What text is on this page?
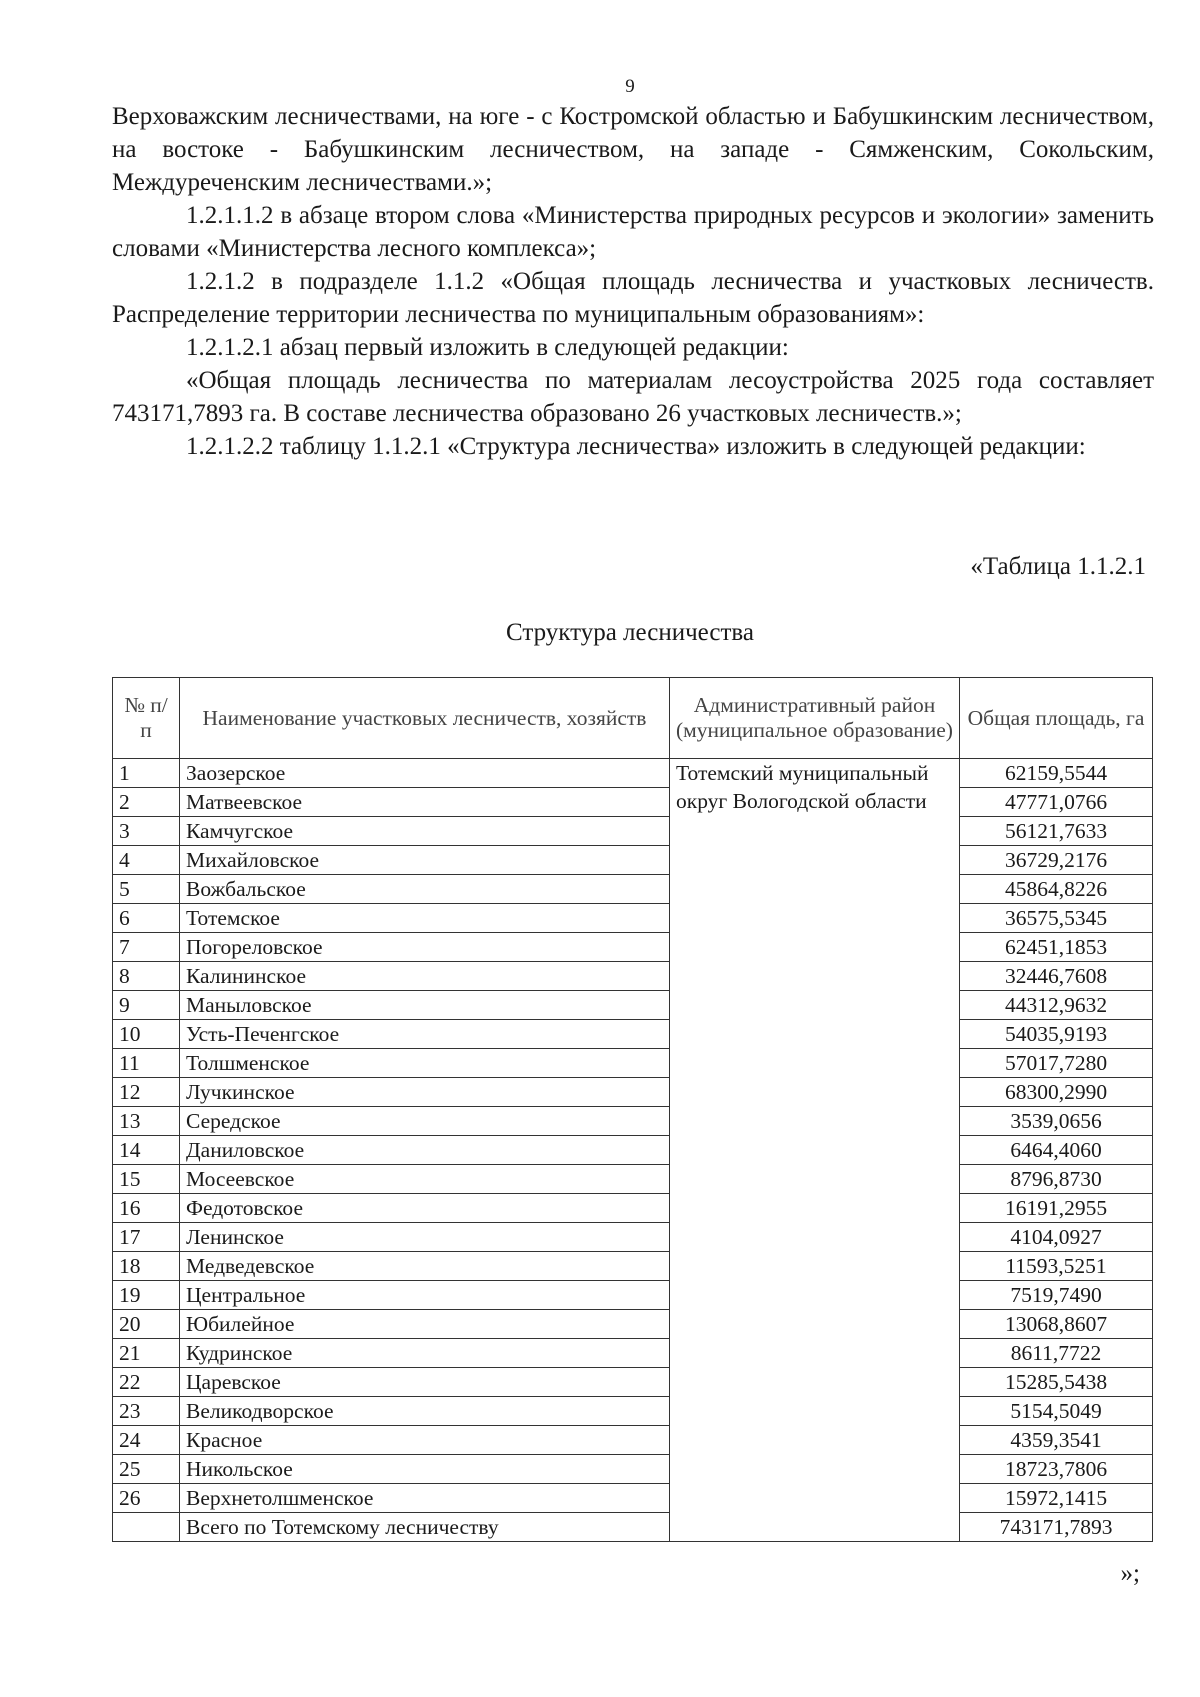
9

Верховажским лесничествами, на юге - с Костромской областью и Бабушкинским лесничеством, на востоке - Бабушкинским лесничеством, на западе - Сямженским, Сокольским, Междуреченским лесничествами.»;

1.2.1.1.2 в абзаце втором слова «Министерства природных ресурсов и экологии» заменить словами «Министерства лесного комплекса»;

1.2.1.2 в подразделе 1.1.2 «Общая площадь лесничества и участковых лесничеств. Распределение территории лесничества по муниципальным образованиям»:

1.2.1.2.1 абзац первый изложить в следующей редакции:

«Общая площадь лесничества по материалам лесоустройства 2025 года составляет 743171,7893 га. В составе лесничества образовано 26 участковых лесничеств.»;

1.2.1.2.2 таблицу 1.1.2.1 «Структура лесничества» изложить в следующей редакции:

«Таблица 1.1.2.1
Структура лесничества
№ п/п	Наименование участковых лесничеств, хозяйств	Административный район (муниципальное образование)	Общая площадь, га
1	Заозерское	Тотемский муниципальный округ Вологодской области	62159,5544
2	Матвеевское		47771,0766
3	Камчугское		56121,7633
4	Михайловское		36729,2176
5	Вожбальское		45864,8226
6	Тотемское		36575,5345
7	Погореловское		62451,1853
8	Калининское		32446,7608
9	Маныловское		44312,9632
10	Усть-Печенгское		54035,9193
11	Толшменское		57017,7280
12	Лучкинское		68300,2990
13	Середское		3539,0656
14	Даниловское		6464,4060
15	Мосеевское		8796,8730
16	Федотовское		16191,2955
17	Ленинское		4104,0927
18	Медведевское		11593,5251
19	Центральное		7519,7490
20	Юбилейное		13068,8607
21	Кудринское		8611,7722
22	Царевское		15285,5438
23	Великодворское		5154,5049
24	Красное		4359,3541
25	Никольское		18723,7806
26	Верхнетолшменское		15972,1415
	Всего по Тотемскому лесничеству		743171,7893
»;
